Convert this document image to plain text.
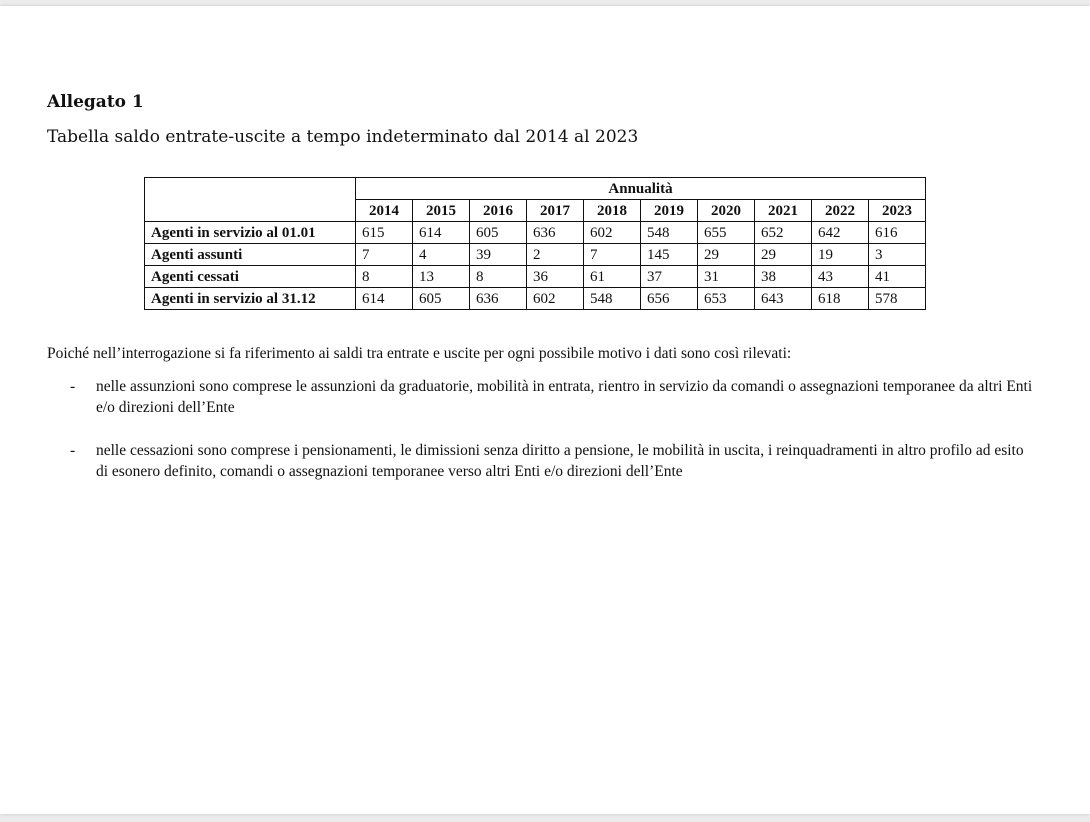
Allegato 1

Tabella saldo entrate-uscite a tempo indeterminato dal 2014 al 2023

	Annualità									
	2014	2015	2016	2017	2018	2019	2020	2021	2022	2023
Agenti in servizio al 01.01	615	614	605	636	602	548	655	652	642	616
Agenti assunti	7	4	39	2	7	145	29	29	19	3
Agenti cessati	8	13	8	36	61	37	31	38	43	41
Agenti in servizio al 31.12	614	605	636	602	548	656	653	643	618	578

Poiché nell’interrogazione si fa riferimento ai saldi tra entrate e uscite per ogni possibile motivo i dati sono così rilevati:

- nelle assunzioni sono comprese le assunzioni da graduatorie, mobilità in entrata, rientro in servizio da comandi o assegnazioni temporanee da altri Enti e/o direzioni dell’Ente
- nelle cessazioni sono comprese i pensionamenti, le dimissioni senza diritto a pensione, le mobilità in uscita, i reinquadramenti in altro profilo ad esito di esonero definito, comandi o assegnazioni temporanee verso altri Enti e/o direzioni dell’Ente
